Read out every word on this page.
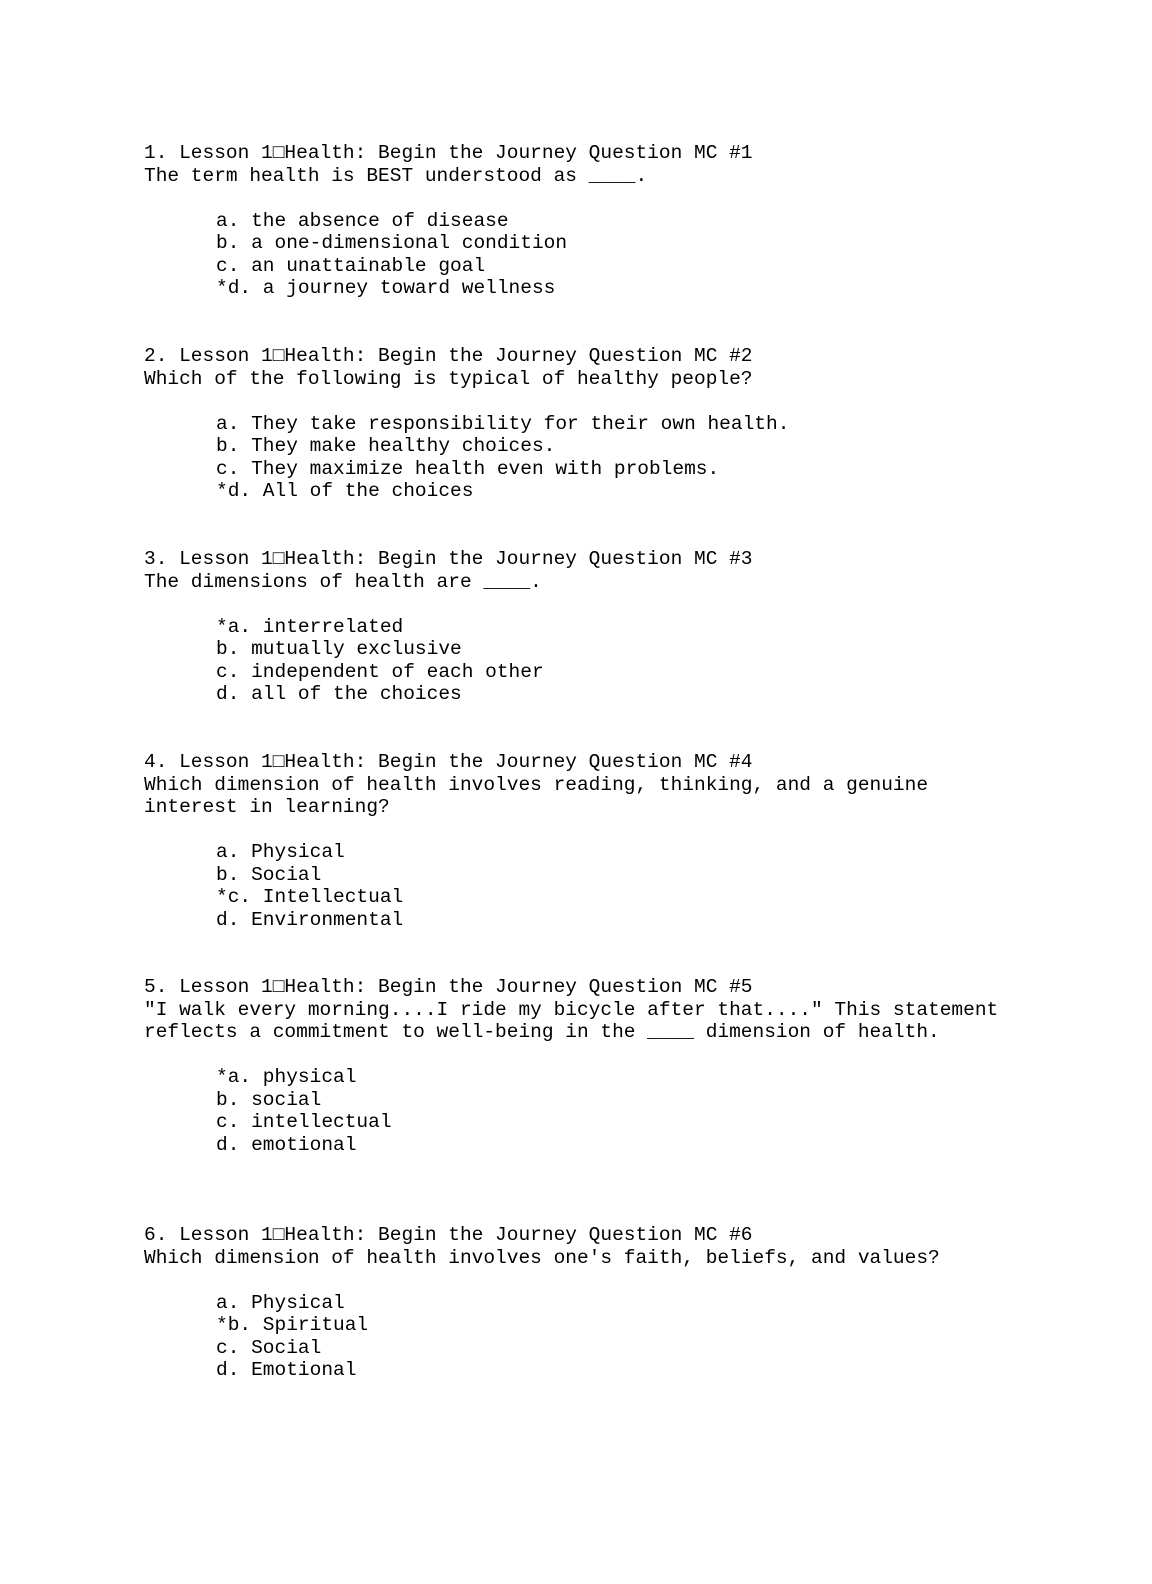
1. Lesson 1□Health: Begin the Journey Question MC #1

The term health is BEST understood as ____.

a. the absence of disease

b. a one-dimensional condition

c. an unattainable goal

*d. a journey toward wellness

2. Lesson 1□Health: Begin the Journey Question MC #2

Which of the following is typical of healthy people?

a. They take responsibility for their own health.

b. They make healthy choices.

c. They maximize health even with problems.

*d. All of the choices

3. Lesson 1□Health: Begin the Journey Question MC #3

The dimensions of health are ____.

*a. interrelated

b. mutually exclusive

c. independent of each other

d. all of the choices

4. Lesson 1□Health: Begin the Journey Question MC #4

Which dimension of health involves reading, thinking, and a genuine interest in learning?

a. Physical

b. Social

*c. Intellectual

d. Environmental

5. Lesson 1□Health: Begin the Journey Question MC #5

"I walk every morning....I ride my bicycle after that...." This statement reflects a commitment to well-being in the ____ dimension of health.

*a. physical

b. social

c. intellectual

d. emotional

6. Lesson 1□Health: Begin the Journey Question MC #6

Which dimension of health involves one's faith, beliefs, and values?

a. Physical

*b. Spiritual

c. Social

d. Emotional
